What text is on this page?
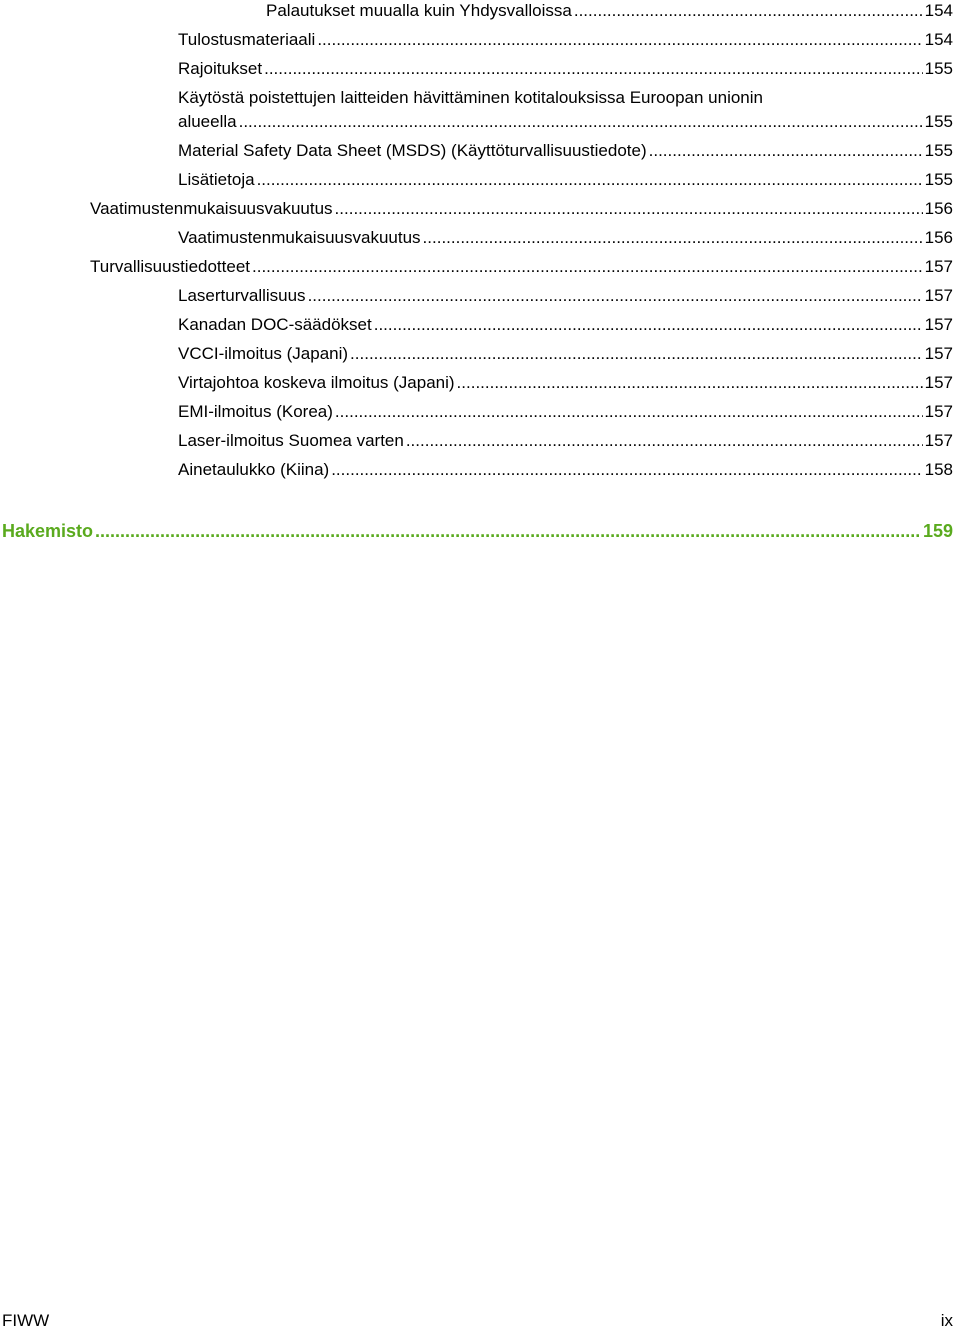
Palautukset muualla kuin Yhdysvalloissa .....	154
Tulostusmateriaali .....	154
Rajoitukset .....	155
Käytöstä poistettujen laitteiden hävittäminen kotitalouksissa Euroopan unionin
alueella .....	155
Material Safety Data Sheet (MSDS) (Käyttöturvallisuustiedote) .....	155
Lisätietoja .....	155
Vaatimustenmukaisuusvakuutus .....	156
Vaatimustenmukaisuusvakuutus .....	156
Turvallisuustiedotteet .....	157
Laserturvallisuus .....	157
Kanadan DOC-säädökset .....	157
VCCI-ilmoitus (Japani) .....	157
Virtajohtoa koskeva ilmoitus (Japani) .....	157
EMI-ilmoitus (Korea) .....	157
Laser-ilmoitus Suomea varten .....	157
Ainetaulukko (Kiina) .....	158
Hakemisto .....	159
FIWW	ix
